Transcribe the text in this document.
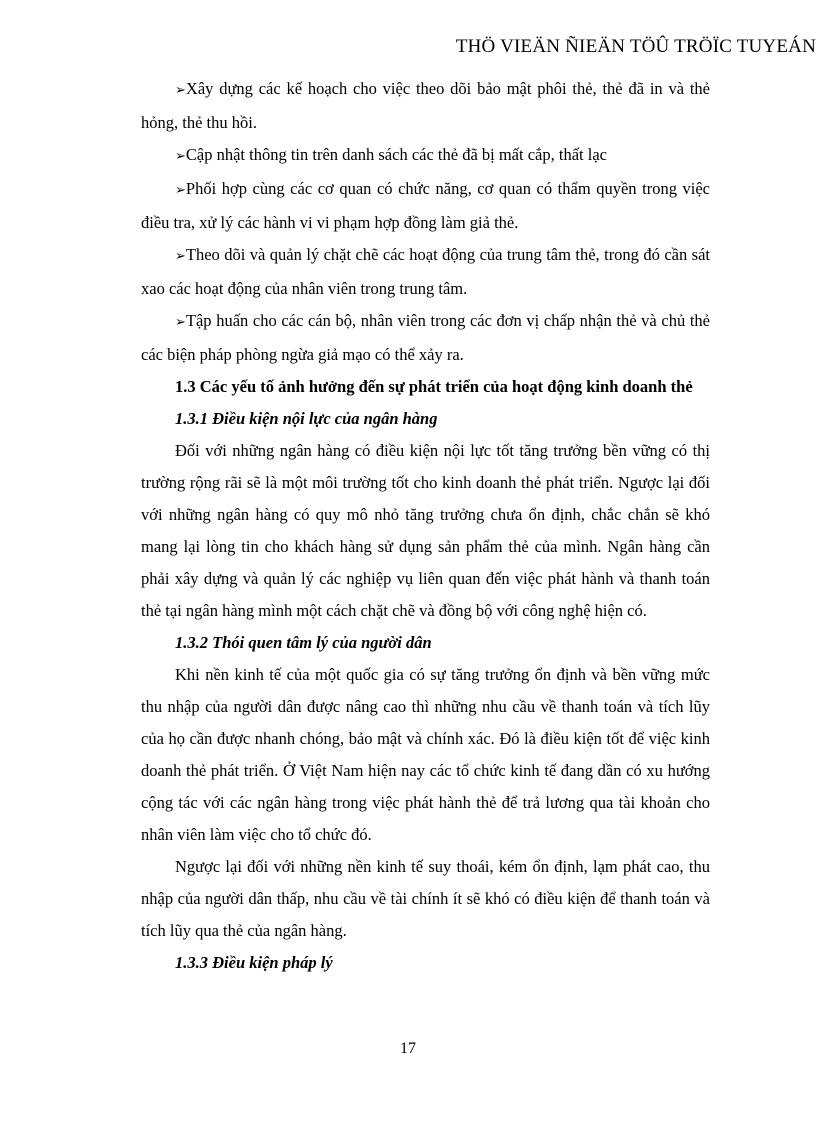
THÖ VIEÄN ÑIEÄN TÖÛ TRÖÏC TUYEÁN

➢Xây dựng các kế hoạch cho việc theo dõi bảo mật phôi thẻ, thẻ đã in và thẻ hỏng, thẻ thu hồi.

➢Cập nhật thông tin trên danh sách các thẻ đã bị mất cắp, thất lạc

➢Phối hợp cùng các cơ quan có chức năng, cơ quan có thẩm quyền trong việc điều tra, xử lý các hành vi vi phạm hợp đồng làm giả thẻ.

➢Theo dõi và quản lý chặt chẽ các hoạt động của trung tâm thẻ, trong đó cần sát xao các hoạt động của nhân viên trong trung tâm.

➢Tập huấn cho các cán bộ, nhân viên trong các đơn vị chấp nhận thẻ và chủ thẻ các biện pháp phòng ngừa giả mạo có thể xảy ra.

1.3 Các yếu tố ảnh hưởng đến sự phát triển của hoạt động kinh doanh thẻ

1.3.1 Điều kiện nội lực của ngân hàng

Đối với những ngân hàng có điều kiện nội lực tốt tăng trưởng bền vững có thị trường rộng rãi sẽ là một môi trường tốt cho kinh doanh thẻ phát triển. Ngược lại đối với những ngân hàng có quy mô nhỏ tăng trưởng chưa ổn định, chắc chắn sẽ khó mang lại lòng tin cho khách hàng sử dụng sản phẩm thẻ của mình. Ngân hàng cần phải xây dựng và quản lý các nghiệp vụ liên quan đến việc phát hành và thanh toán thẻ tại ngân hàng mình một cách chặt chẽ và đồng bộ với công nghệ hiện có.

1.3.2 Thói quen tâm lý của người dân

Khi nền kinh tế của một quốc gia có sự tăng trưởng ổn định và bền vững mức thu nhập của người dân được nâng cao thì những nhu cầu về thanh toán và tích lũy của họ cần được nhanh chóng, bảo mật và chính xác. Đó là điều kiện tốt để việc kinh doanh thẻ phát triển. Ở Việt Nam hiện nay các tổ chức kinh tế đang dần có xu hướng cộng tác với các ngân hàng trong việc phát hành thẻ để trả lương qua tài khoản cho nhân viên làm việc cho tổ chức đó.

Ngược lại đối với những nền kinh tế suy thoái, kém ổn định, lạm phát cao, thu nhập của người dân thấp, nhu cầu về tài chính ít sẽ khó có điều kiện để thanh toán và tích lũy qua thẻ của ngân hàng.

1.3.3 Điều kiện pháp lý

17
